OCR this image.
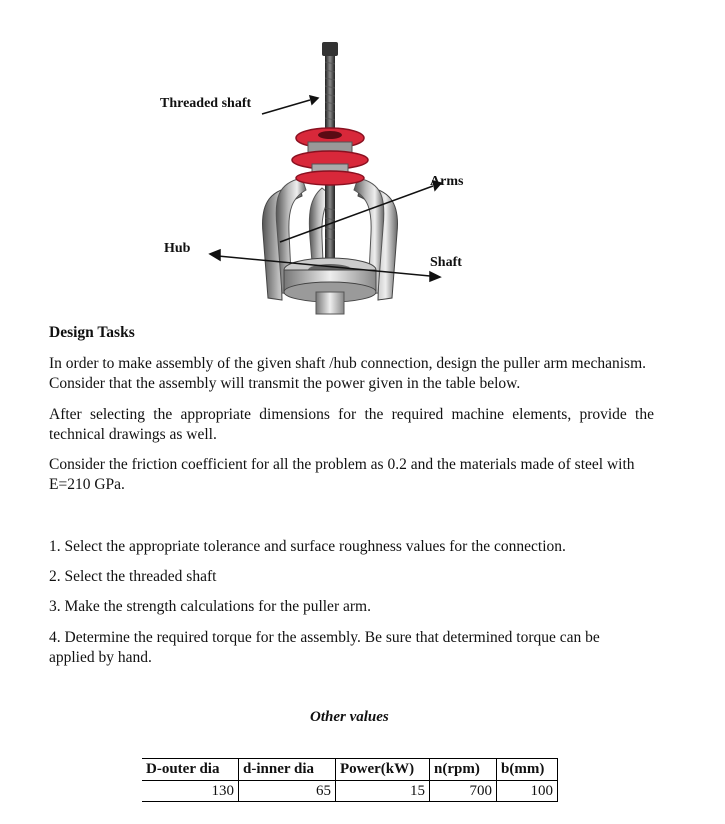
Threaded shaft
Arms
Hub
Shaft
Design Tasks
In order to make assembly of the given shaft /hub connection, design the puller arm mechanism. Consider that the assembly will transmit the power given in the table below.
After selecting the appropriate dimensions for the required machine elements, provide the technical drawings as well.
Consider the friction coefficient for all the problem as 0.2 and the materials made of steel with E=210 GPa.
1. Select the appropriate tolerance and surface roughness values for the connection.
2. Select the threaded shaft
3. Make the strength calculations for the puller arm.
4. Determine the required torque for the assembly. Be sure that determined torque can be applied by hand.
Other values
D-outer dia	d-inner dia	Power(kW)	n(rpm)	b(mm)
130	65	15	700	100
